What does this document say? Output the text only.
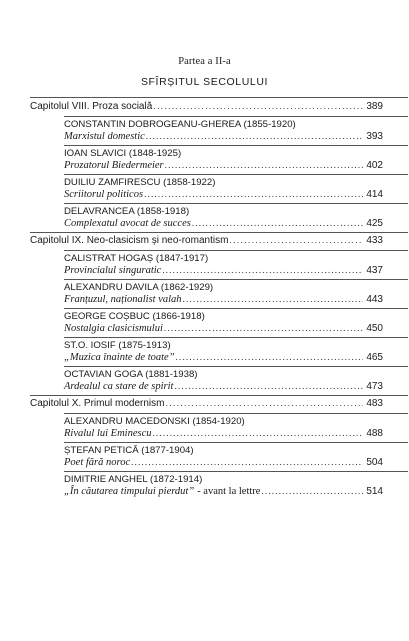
Partea a II-a
SFÎRȘITUL SECOLULUI
Capitolul VIII. Proza socială .....	389
CONSTANTIN DOBROGEANU-GHEREA (1855-1920)
Marxistul domestic .....	393
IOAN SLAVICI (1848-1925)
Prozatorul Biedermeier .....	402
DUILIU ZAMFIRESCU (1858-1922)
Scriitorul politicos .....	414
DELAVRANCEA (1858-1918)
Complexatul avocat de succes .....	425
Capitolul IX. Neo-clasicism și neo-romantism .....	433
CALISTRAT HOGAȘ (1847-1917)
Provincialul singuratic .....	437
ALEXANDRU DAVILA (1862-1929)
Franțuzul, naționalist valah .....	443
GEORGE COȘBUC (1866-1918)
Nostalgia clasicismului .....	450
ST.O. IOSIF (1875-1913)
„Muzica înainte de toate” .....	465
OCTAVIAN GOGA (1881-1938)
Ardealul ca stare de spirit .....	473
Capitolul X. Primul modernism .....	483
ALEXANDRU MACEDONSKI (1854-1920)
Rivalul lui Eminescu .....	488
ȘTEFAN PETICĂ (1877-1904)
Poet fără noroc .....	504
DIMITRIE ANGHEL (1872-1914)
„În căutarea timpului pierdut” - avant la lettre .....	514
